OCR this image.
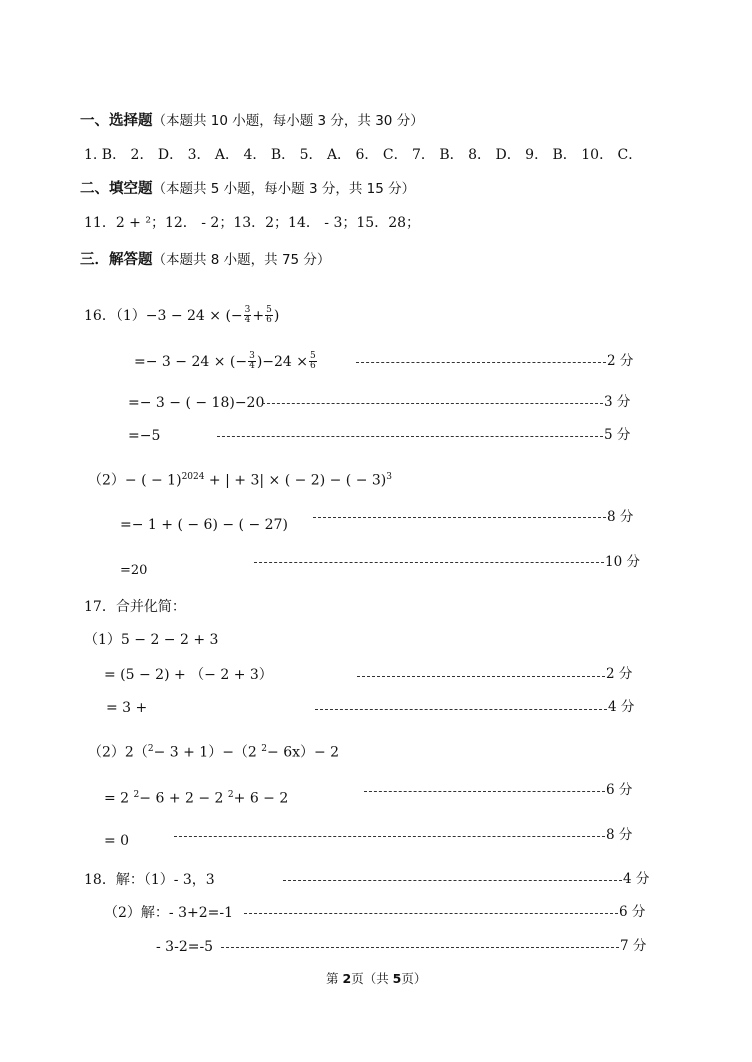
一、选择题（本题共 10 小题，每小题 3 分，共 30 分）
1. B． 2． D． 3． A． 4． B． 5． A． 6． C． 7． B． 8． D． 9． B． 10． C．
二、填空题（本题共 5 小题，每小题 3 分，共 15 分）
11．2 + ²；12． - 2；13．2；14． - 3；15．28；
三．解答题（本题共 8 小题，共 75 分）
16．（1）−3 − 24 × (− $\frac{3}{4} + \frac{5}{6}$ )
=− 3 − 24 × (− $\frac{3}{4} )-24 \times \frac{5}{6}$	2 分
=− 3 − ( − 18)−20	3 分
=−5	5 分
（2）− ( − 1)$^{2024}$ + | + 3| × ( − 2) − ( − 3)$^3$
=− 1 + ( − 6) − ( − 27)	8 分
=20
10 分
17．合并化简：
（1）5 − 2 − 2 + 3
= (5 − 2) + （− 2 + 3）	2 分
= 3 +	4 分
（2）2（$^2$− 3 + 1）−（2 $^2$− 6x）− 2
= 2 $^2$− 6 + 2 − 2 $^2$+ 6 − 2
6 分
= 0	8 分
18．解：（1）- 3，3	4 分
（2）解：- 3+2=-1	6 分
- 3-2=-5	7 分
第 2页（共 5页）
